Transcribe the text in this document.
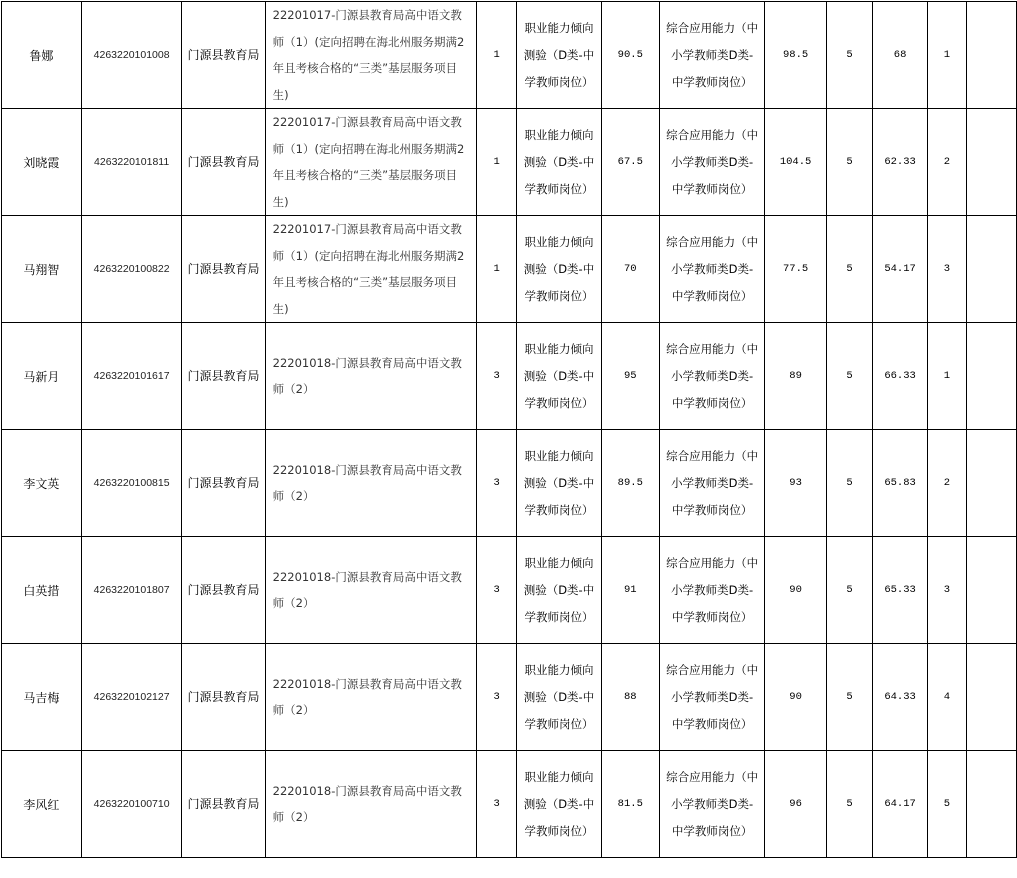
鲁娜	4263220101008	门源县教育局	22201017-门源县教育局高中语文教师（1）(定向招聘在海北州服务期满2年且考核合格的“三类”基层服务项目生)	1	职业能力倾向测验（D类-中学教师岗位）	90.5	综合应用能力（中小学教师类D类-中学教师岗位）	98.5	5	68	1	
刘晓霞	4263220101811	门源县教育局	22201017-门源县教育局高中语文教师（1）(定向招聘在海北州服务期满2年且考核合格的“三类”基层服务项目生)	1	职业能力倾向测验（D类-中学教师岗位）	67.5	综合应用能力（中小学教师类D类-中学教师岗位）	104.5	5	62.33	2	
马翔智	4263220100822	门源县教育局	22201017-门源县教育局高中语文教师（1）(定向招聘在海北州服务期满2年且考核合格的“三类”基层服务项目生)	1	职业能力倾向测验（D类-中学教师岗位）	70	综合应用能力（中小学教师类D类-中学教师岗位）	77.5	5	54.17	3	
马新月	4263220101617	门源县教育局	22201018-门源县教育局高中语文教师（2）	3	职业能力倾向测验（D类-中学教师岗位）	95	综合应用能力（中小学教师类D类-中学教师岗位）	89	5	66.33	1	
李文英	4263220100815	门源县教育局	22201018-门源县教育局高中语文教师（2）	3	职业能力倾向测验（D类-中学教师岗位）	89.5	综合应用能力（中小学教师类D类-中学教师岗位）	93	5	65.83	2	
白英措	4263220101807	门源县教育局	22201018-门源县教育局高中语文教师（2）	3	职业能力倾向测验（D类-中学教师岗位）	91	综合应用能力（中小学教师类D类-中学教师岗位）	90	5	65.33	3	
马吉梅	4263220102127	门源县教育局	22201018-门源县教育局高中语文教师（2）	3	职业能力倾向测验（D类-中学教师岗位）	88	综合应用能力（中小学教师类D类-中学教师岗位）	90	5	64.33	4	
李风红	4263220100710	门源县教育局	22201018-门源县教育局高中语文教师（2）	3	职业能力倾向测验（D类-中学教师岗位）	81.5	综合应用能力（中小学教师类D类-中学教师岗位）	96	5	64.17	5	
